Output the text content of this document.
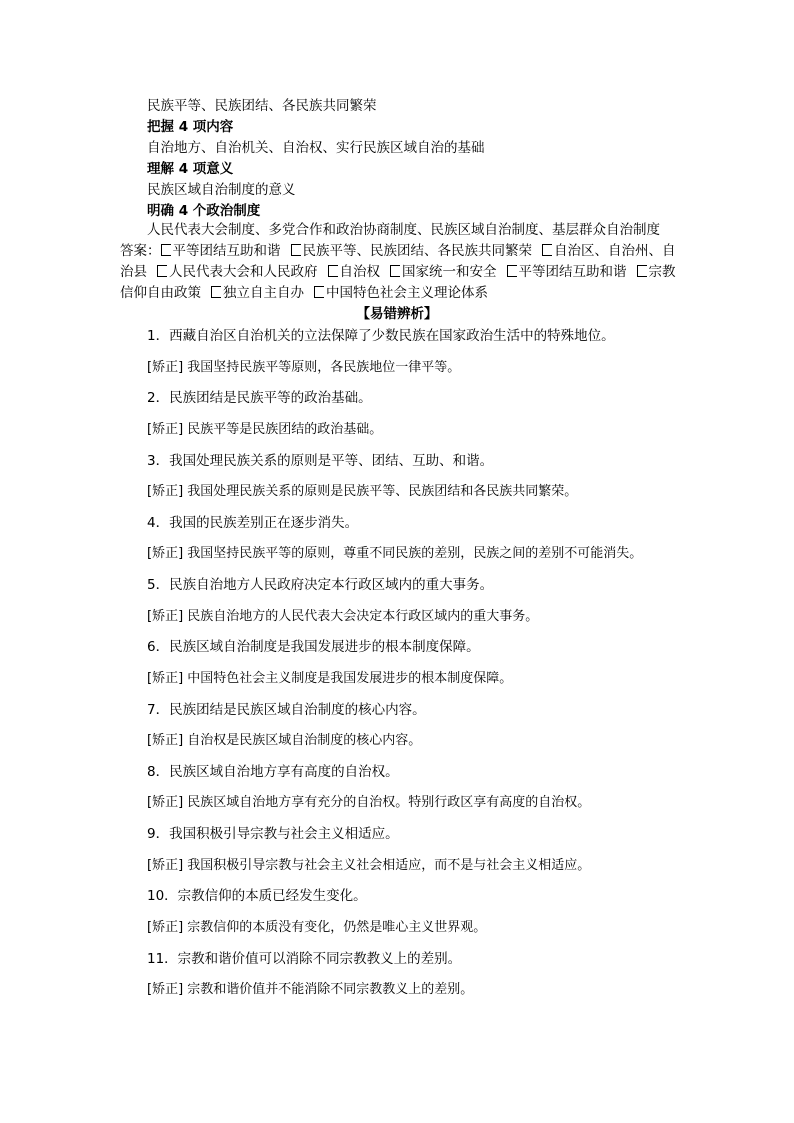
民族平等、民族团结、各民族共同繁荣
把握 4 项内容
自治地方、自治机关、自治权、实行民族区域自治的基础
理解 4 项意义
民族区域自治制度的意义
明确 4 个政治制度
人民代表大会制度、多党合作和政治协商制度、民族区域自治制度、基层群众自治制度
答案： 平等团结互助和谐 民族平等、民族团结、各民族共同繁荣 自治区、自治州、自治县 人民代表大会和人民政府 自治权 国家统一和安全 平等团结互助和谐 宗教信仰自由政策 独立自主自办 中国特色社会主义理论体系
【易错辨析】
1．西藏自治区自治机关的立法保障了少数民族在国家政治生活中的特殊地位。
[矫正] 我国坚持民族平等原则，各民族地位一律平等。
2．民族团结是民族平等的政治基础。
[矫正] 民族平等是民族团结的政治基础。
3．我国处理民族关系的原则是平等、团结、互助、和谐。
[矫正] 我国处理民族关系的原则是民族平等、民族团结和各民族共同繁荣。
4．我国的民族差别正在逐步消失。
[矫正] 我国坚持民族平等的原则，尊重不同民族的差别，民族之间的差别不可能消失。
5．民族自治地方人民政府决定本行政区域内的重大事务。
[矫正] 民族自治地方的人民代表大会决定本行政区域内的重大事务。
6．民族区域自治制度是我国发展进步的根本制度保障。
[矫正] 中国特色社会主义制度是我国发展进步的根本制度保障。
7．民族团结是民族区域自治制度的核心内容。
[矫正] 自治权是民族区域自治制度的核心内容。
8．民族区域自治地方享有高度的自治权。
[矫正] 民族区域自治地方享有充分的自治权。特别行政区享有高度的自治权。
9．我国积极引导宗教与社会主义相适应。
[矫正] 我国积极引导宗教与社会主义社会相适应，而不是与社会主义相适应。
10．宗教信仰的本质已经发生变化。
[矫正] 宗教信仰的本质没有变化，仍然是唯心主义世界观。
11．宗教和谐价值可以消除不同宗教教义上的差别。
[矫正] 宗教和谐价值并不能消除不同宗教教义上的差别。
